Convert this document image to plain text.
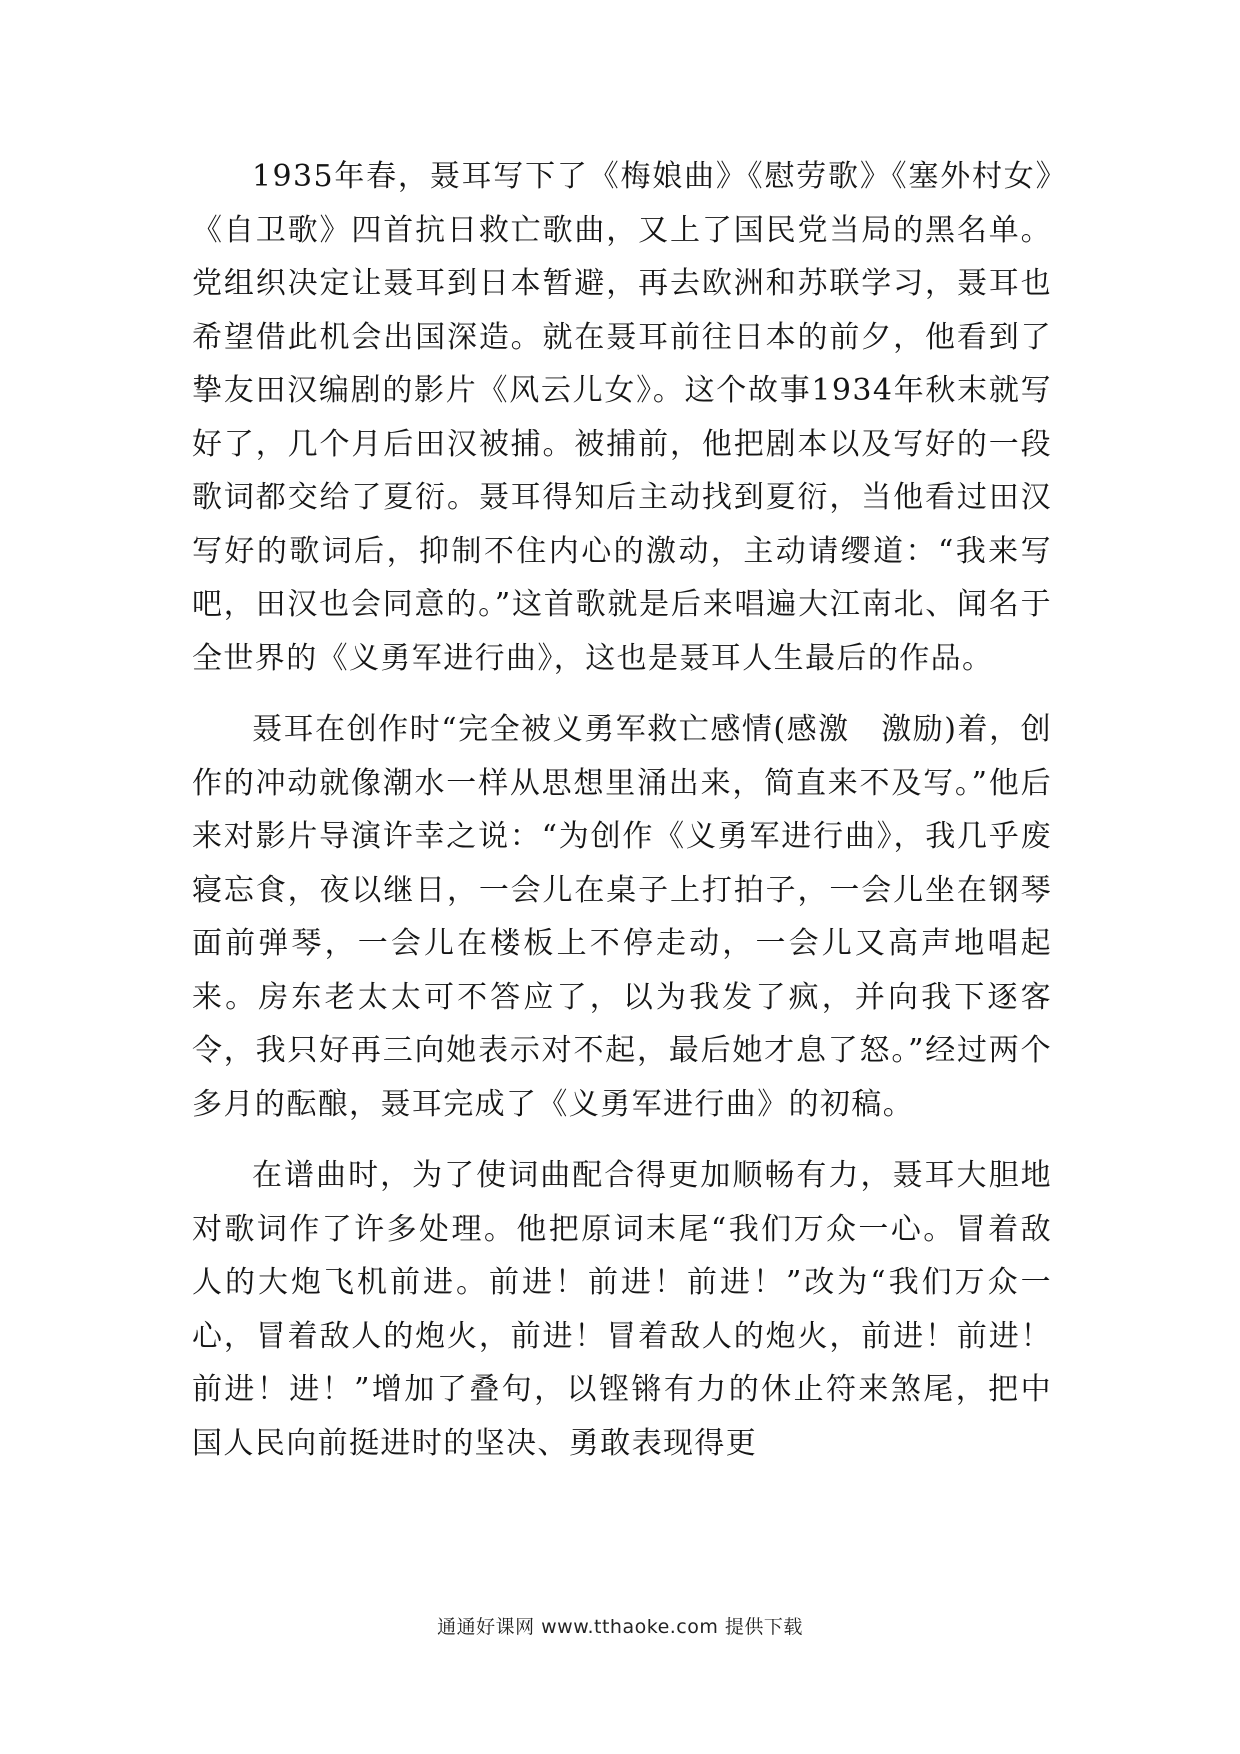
1935年春，聂耳写下了《梅娘曲》《慰劳歌》《塞外村女》《自卫歌》四首抗日救亡歌曲，又上了国民党当局的黑名单。党组织决定让聂耳到日本暂避，再去欧洲和苏联学习，聂耳也希望借此机会出国深造。就在聂耳前往日本的前夕，他看到了挚友田汉编剧的影片《风云儿女》。这个故事1934年秋末就写好了，几个月后田汉被捕。被捕前，他把剧本以及写好的一段歌词都交给了夏衍。聂耳得知后主动找到夏衍，当他看过田汉写好的歌词后，抑制不住内心的激动，主动请缨道：“我来写吧，田汉也会同意的。”这首歌就是后来唱遍大江南北、闻名于全世界的《义勇军进行曲》，这也是聂耳人生最后的作品。

聂耳在创作时“完全被义勇军救亡感情(感激　激励)着，创作的冲动就像潮水一样从思想里涌出来，简直来不及写。”他后来对影片导演许幸之说：“为创作《义勇军进行曲》，我几乎废寝忘食，夜以继日，一会儿在桌子上打拍子，一会儿坐在钢琴面前弹琴，一会儿在楼板上不停走动，一会儿又高声地唱起来。房东老太太可不答应了，以为我发了疯，并向我下逐客令，我只好再三向她表示对不起，最后她才息了怒。”经过两个多月的酝酿，聂耳完成了《义勇军进行曲》的初稿。

在谱曲时，为了使词曲配合得更加顺畅有力，聂耳大胆地对歌词作了许多处理。他把原词末尾“我们万众一心。冒着敌人的大炮飞机前进。前进！前进！前进！”改为“我们万众一心，冒着敌人的炮火，前进！冒着敌人的炮火，前进！前进！前进！进！”增加了叠句，以铿锵有力的休止符来煞尾，把中国人民向前挺进时的坚决、勇敢表现得更

通通好课网 www.tthaoke.com 提供下载
